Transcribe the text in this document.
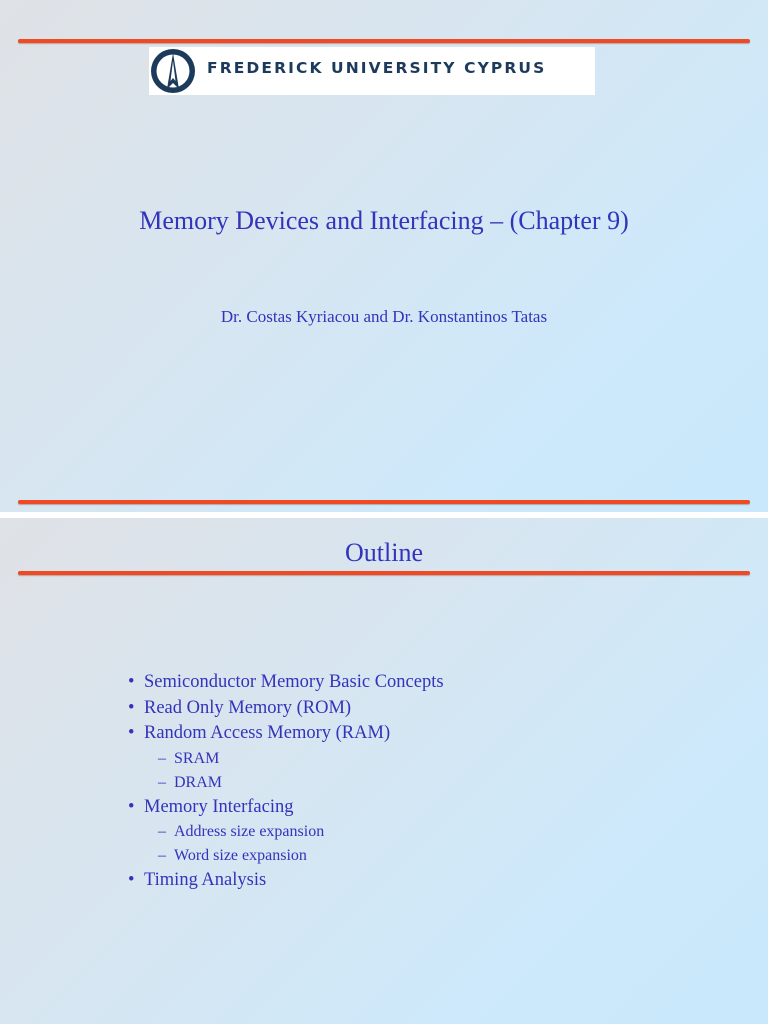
FREDERICK UNIVERSITY CYPRUS
Memory Devices and Interfacing – (Chapter 9)
Dr. Costas Kyriacou and Dr. Konstantinos Tatas
Outline
• Semiconductor Memory Basic Concepts
• Read Only Memory (ROM)
• Random Access Memory (RAM)
– SRAM
– DRAM
• Memory Interfacing
– Address size expansion
– Word size expansion
• Timing Analysis
